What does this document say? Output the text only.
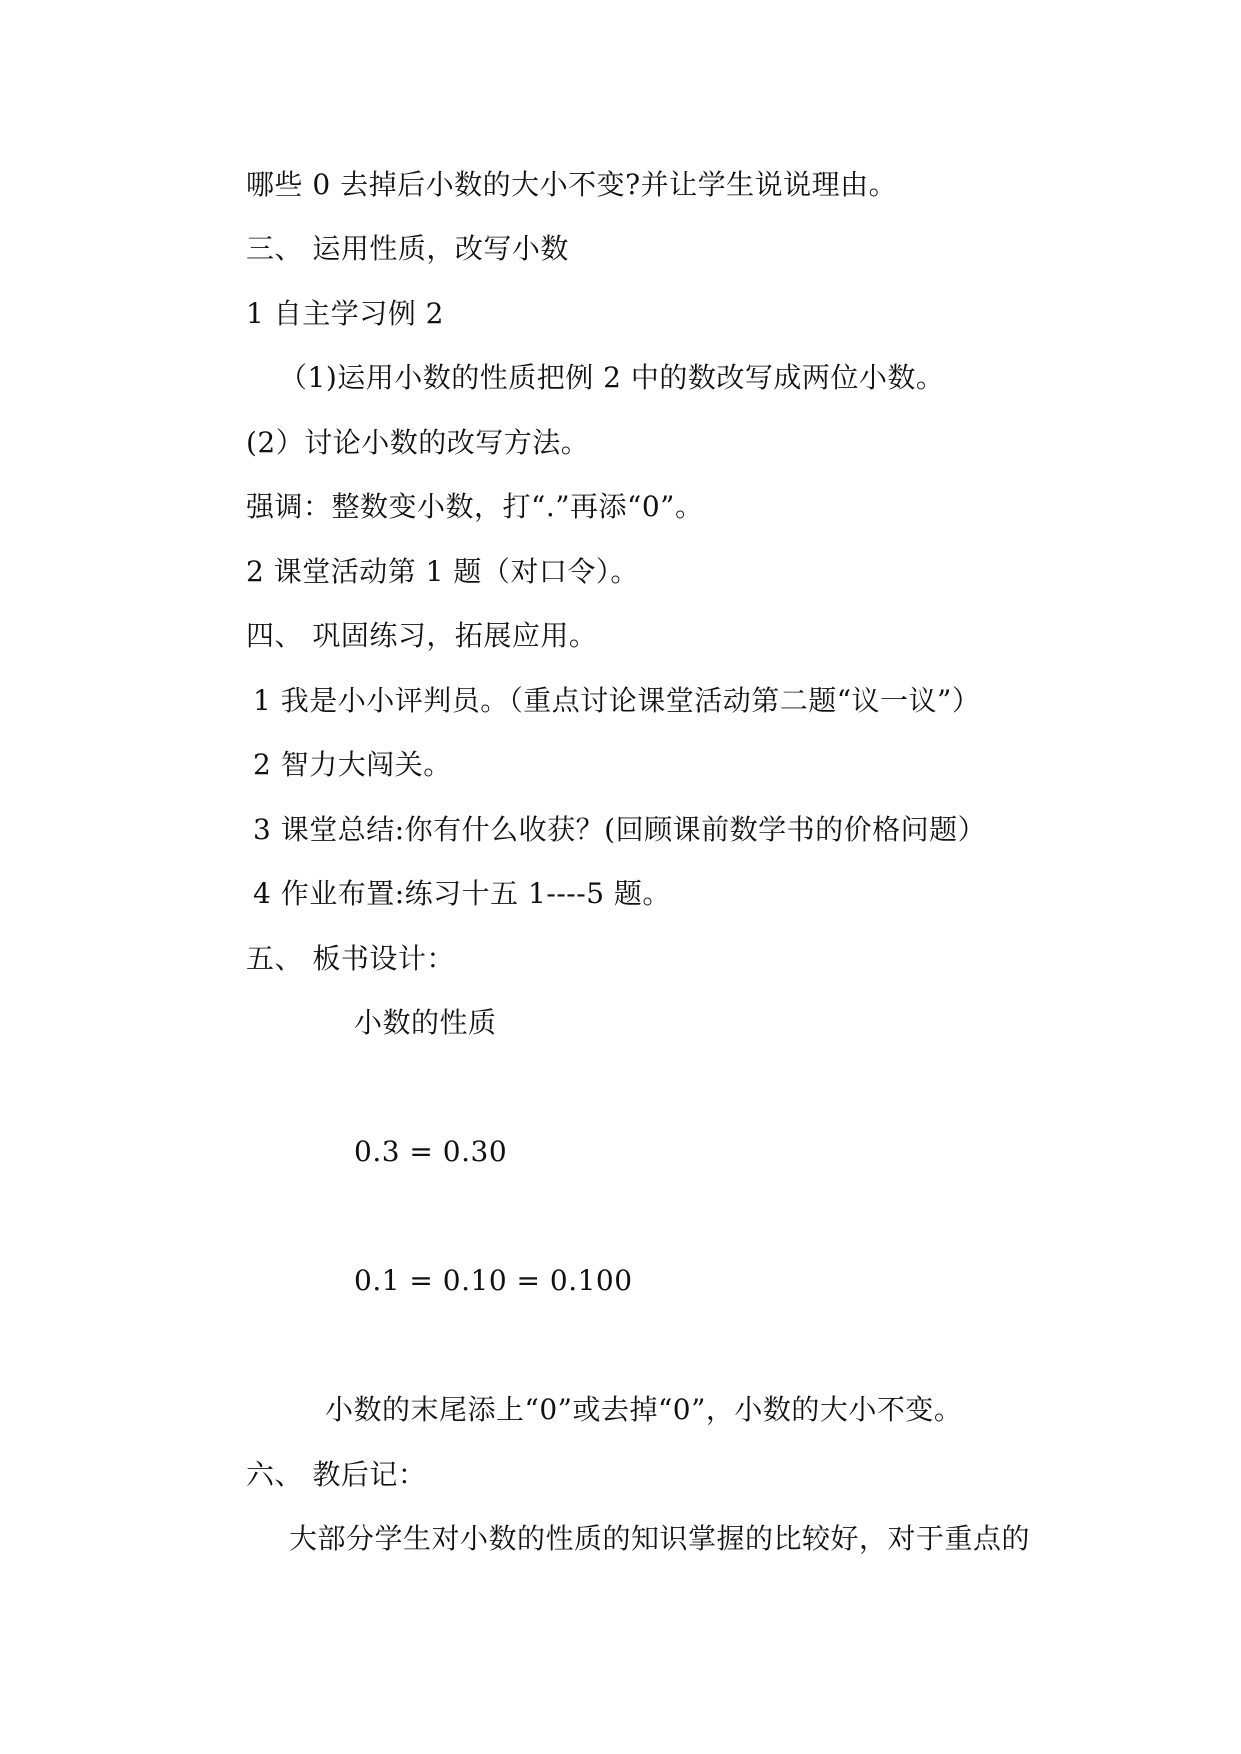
哪些 0 去掉后小数的大小不变?并让学生说说理由。
三、 运用性质，改写小数
1 自主学习例 2
（1)运用小数的性质把例 2 中的数改写成两位小数。
(2）讨论小数的改写方法。
强调：整数变小数，打“.”再添“0”。
2 课堂活动第 1 题（对口令）。
四、 巩固练习，拓展应用。
1 我是小小评判员。（重点讨论课堂活动第二题“议一议”）
2 智力大闯关。
3 课堂总结:你有什么收获？(回顾课前数学书的价格问题）
4 作业布置:练习十五 1----5 题。
五、 板书设计：
小数的性质
0.3 = 0.30
0.1 = 0.10 = 0.100
小数的末尾添上“0”或去掉“0”，小数的大小不变。
六、 教后记：
大部分学生对小数的性质的知识掌握的比较好，对于重点的
